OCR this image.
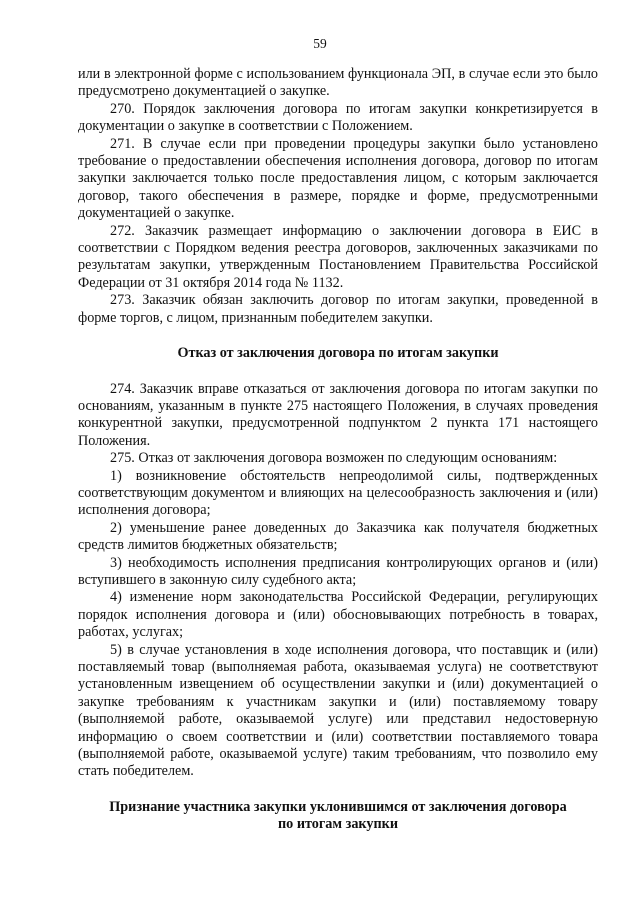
59

или в электронной форме с использованием функционала ЭП, в случае если это было предусмотрено документацией о закупке.

270. Порядок заключения договора по итогам закупки конкретизируется в документации о закупке в соответствии с Положением.

271. В случае если при проведении процедуры закупки было установлено требование о предоставлении обеспечения исполнения договора, договор по итогам закупки заключается только после предоставления лицом, с которым заключается договор, такого обеспечения в размере, порядке и форме, предусмотренными документацией о закупке.

272. Заказчик размещает информацию о заключении договора в ЕИС в соответствии с Порядком ведения реестра договоров, заключенных заказчиками по результатам закупки, утвержденным Постановлением Правительства Российской Федерации от 31 октября 2014 года № 1132.

273. Заказчик обязан заключить договор по итогам закупки, проведенной в форме торгов, с лицом, признанным победителем закупки.

Отказ от заключения договора по итогам закупки

274. Заказчик вправе отказаться от заключения договора по итогам закупки по основаниям, указанным в пункте 275 настоящего Положения, в случаях проведения конкурентной закупки, предусмотренной подпунктом 2 пункта 171 настоящего Положения.

275. Отказ от заключения договора возможен по следующим основаниям:

1) возникновение обстоятельств непреодолимой силы, подтвержденных соответствующим документом и влияющих на целесообразность заключения и (или) исполнения договора;

2) уменьшение ранее доведенных до Заказчика как получателя бюджетных средств лимитов бюджетных обязательств;

3) необходимость исполнения предписания контролирующих органов и (или) вступившего в законную силу судебного акта;

4) изменение норм законодательства Российской Федерации, регулирующих порядок исполнения договора и (или) обосновывающих потребность в товарах, работах, услугах;

5) в случае установления в ходе исполнения договора, что поставщик и (или) поставляемый товар (выполняемая работа, оказываемая услуга) не соответствуют установленным извещением об осуществлении закупки и (или) документацией о закупке требованиям к участникам закупки и (или) поставляемому товару (выполняемой работе, оказываемой услуге) или представил недостоверную информацию о своем соответствии и (или) соответствии поставляемого товара (выполняемой работе, оказываемой услуге) таким требованиям, что позволило ему стать победителем.

Признание участника закупки уклонившимся от заключения договора
по итогам закупки
